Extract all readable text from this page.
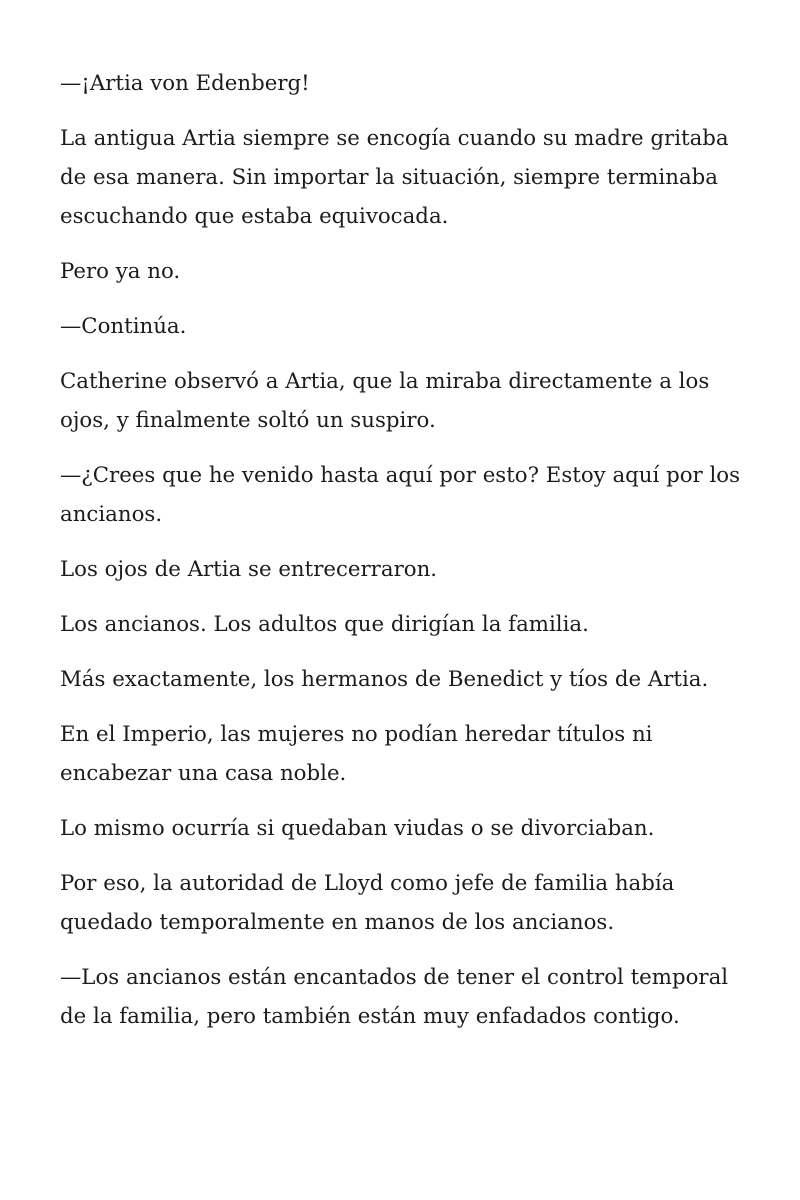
—¡Artia von Edenberg!

La antigua Artia siempre se encogía cuando su madre gritaba de esa manera. Sin importar la situación, siempre terminaba escuchando que estaba equivocada.

Pero ya no.

—Continúa.

Catherine observó a Artia, que la miraba directamente a los ojos, y finalmente soltó un suspiro.

—¿Crees que he venido hasta aquí por esto? Estoy aquí por los ancianos.

Los ojos de Artia se entrecerraron.

Los ancianos. Los adultos que dirigían la familia.

Más exactamente, los hermanos de Benedict y tíos de Artia.

En el Imperio, las mujeres no podían heredar títulos ni encabezar una casa noble.

Lo mismo ocurría si quedaban viudas o se divorciaban.

Por eso, la autoridad de Lloyd como jefe de familia había quedado temporalmente en manos de los ancianos.

—Los ancianos están encantados de tener el control temporal de la familia, pero también están muy enfadados contigo.
